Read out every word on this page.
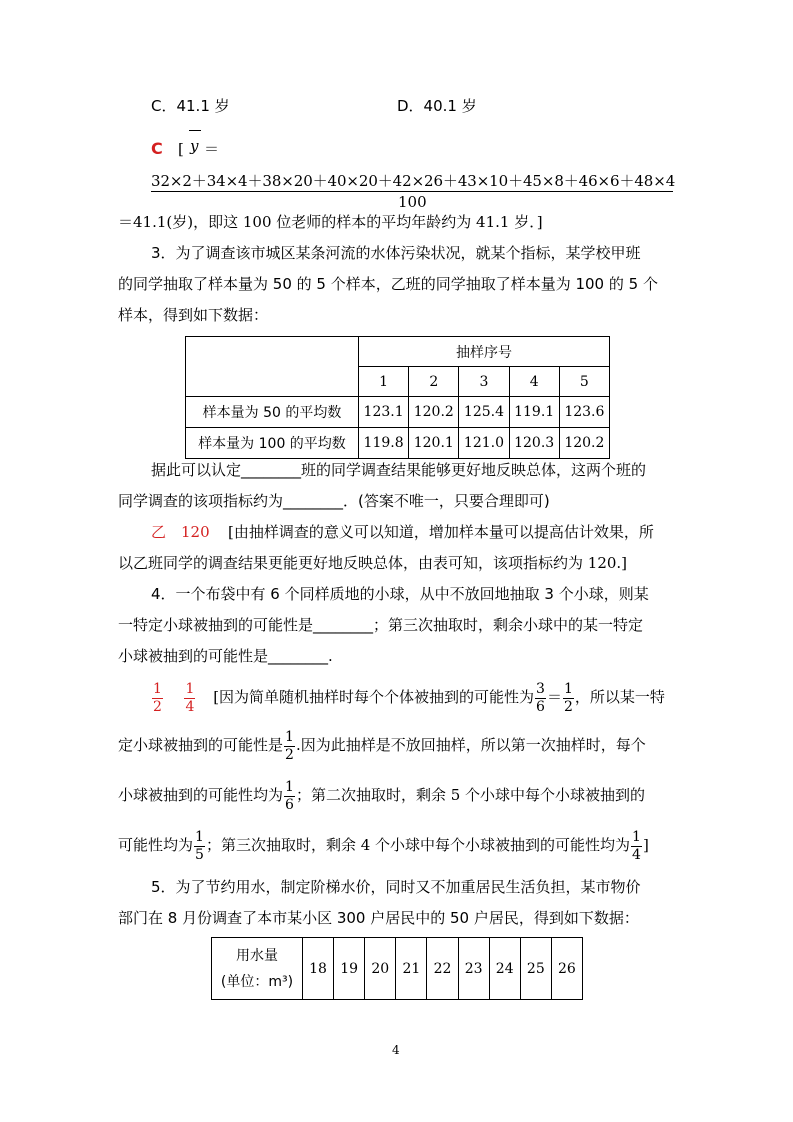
C．41.1 岁	D．40.1 岁
C [ y ＝
32×2＋34×4＋38×20＋40×20＋42×26＋43×10＋45×8＋46×6＋48×4
100
＝41.1(岁)，即这 100 位老师的样本的平均年龄约为 41.1 岁．]
3．为了调查该市城区某条河流的水体污染状况，就某个指标，某学校甲班
的同学抽取了样本量为 50 的 5 个样本，乙班的同学抽取了样本量为 100 的 5 个
样本，得到如下数据：
	抽样序号				
	1	2	3	4	5
样本量为 50 的平均数	123.1	120.2	125.4	119.1	123.6
样本量为 100 的平均数	119.8	120.1	121.0	120.3	120.2
据此可以认定________班的同学调查结果能够更好地反映总体，这两个班的
同学调查的该项指标约为________．(答案不唯一，只要合理即可)
乙　120 [由抽样调查的意义可以知道，增加样本量可以提高估计效果，所
以乙班同学的调查结果更能更好地反映总体，由表可知，该项指标约为 120.]
4．一个布袋中有 6 个同样质地的小球，从中不放回地抽取 3 个小球，则某
一特定小球被抽到的可能性是________；第三次抽取时，剩余小球中的某一特定
小球被抽到的可能性是________.
$\frac{1}{2}$
$\frac{1}{4}$ [因为简单随机抽样时每个个体被抽到的可能性为 $\frac{3}{6} = \frac{1}{2}$ ，所以某一特
定小球被抽到的可能性是 $\frac{1}{2}$ .因为此抽样是不放回抽样，所以第一次抽样时，每个
小球被抽到的可能性均为 $\frac{1}{6}$ ；第二次抽取时，剩余 5 个小球中每个小球被抽到的
可能性均为 $\frac{1}{5}$ ；第三次抽取时，剩余 4 个小球中每个小球被抽到的可能性均为 $\frac{1}{4}$ ]
5．为了节约用水，制定阶梯水价，同时又不加重居民生活负担，某市物价
部门在 8 月份调查了本市某小区 300 户居民中的 50 户居民，得到如下数据：
用水量
(单位：m³)
	18	19	20	21	22	23	24	25	26
4
